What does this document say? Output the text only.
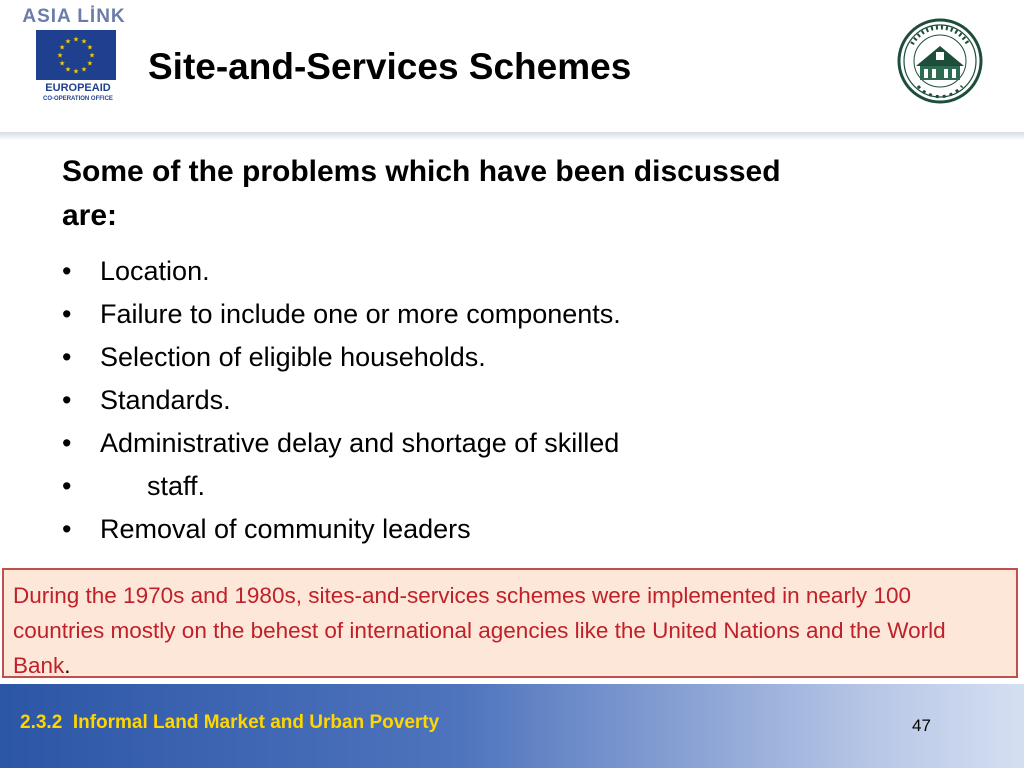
ASIA LİNK
★ ★
★
★
★
★
★
★
★
★
★
★
EUROPEAID
CO-OPERATION OFFICE
Site-and-Services Schemes
Some of the problems which have been discussed are:
• Location.
• Failure to include one or more components.
• Selection of eligible households.
• Standards.
• Administrative delay and shortage of skilled
•	staff.
• Removal of community leaders
During the 1970s and 1980s, sites-and-services schemes were implemented in nearly 100 countries mostly on the behest of international agencies like the United Nations and the World Bank.
2.3.2  Informal Land Market and Urban Poverty	47
